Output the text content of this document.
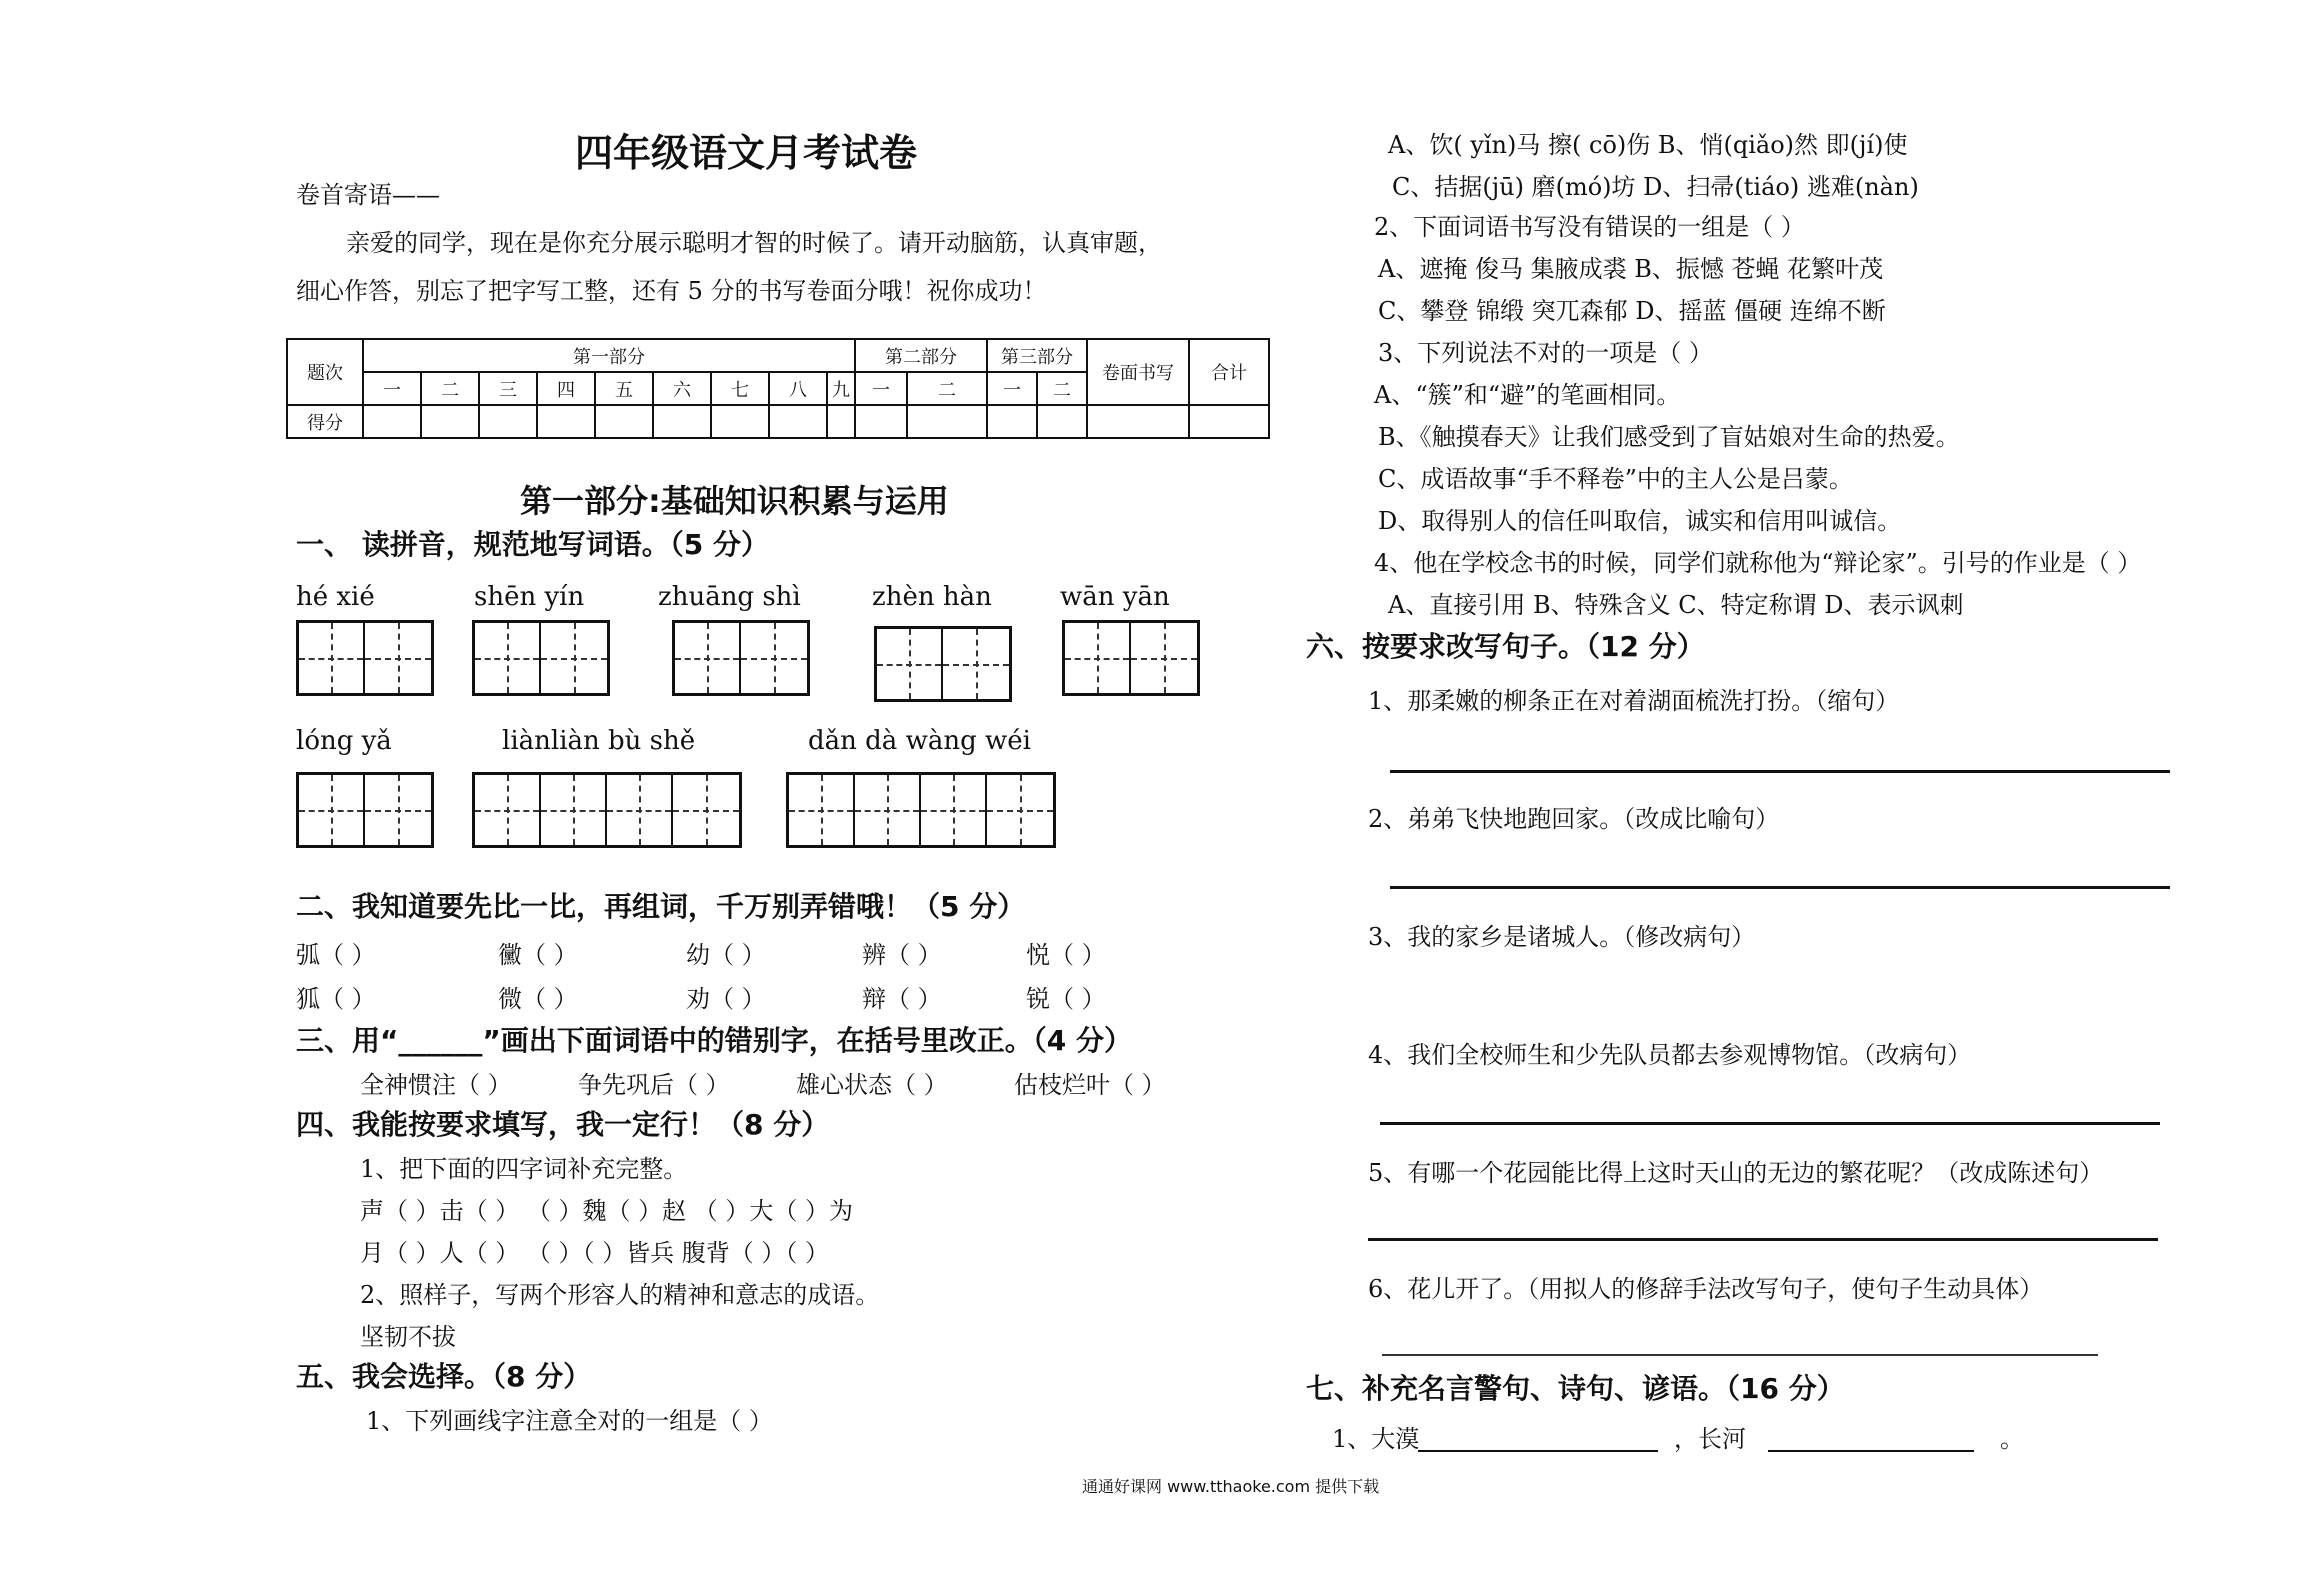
四年级语文月考试卷
卷首寄语——
亲爱的同学，现在是你充分展示聪明才智的时候了。请开动脑筋，认真审题，
细心作答，别忘了把字写工整，还有 5 分的书写卷面分哦！祝你成功！
题次	第一部分									第二部分		第三部分		卷面书写	合计
	一	二	三	四	五	六	七	八	九	一	二	一	二		
得分															
第一部分:基础知识积累与运用
一、 读拼音，规范地写词语。（5 分）
hé xié	shēn yín	zhuāng shì	zhèn hàn	wān yān
lóng yǎ	liànliàn bù shě	dǎn dà wàng wéi
二、我知道要先比一比，再组词，千万别弄错哦！（5 分）
弧（ ）	黴（ ）	幼（ ）	辨（ ）	悦（ ）
狐（ ）	微（ ）	劝（ ）	辩（ ）	锐（ ）
三、用“______”画出下面词语中的错别字，在括号里改正。（4 分）
全神惯注（ ）	争先巩后（ ）	雄心状态（ ）	估枝烂叶（ ）
四、我能按要求填写，我一定行！（8 分）
1、把下面的四字词补充完整。
声（ ）击（ ） （ ）魏（ ）赵 （ ）大（ ）为
月（ ）人（ ） （ ）（ ）皆兵 腹背（ ）（ ）
2、照样子，写两个形容人的精神和意志的成语。
坚韧不拔
五、我会选择。（8 分）
1、下列画线字注意全对的一组是（ ）
A、饮( yǐn)马 擦( cō)伤 B、悄(qiǎo)然 即(jí)使
C、拮据(jū) 磨(mó)坊 D、扫帚(tiáo) 逃难(nàn)
2、下面词语书写没有错误的一组是（ ）
A、遮掩 俊马 集腋成裘 B、振憾 苍蝇 花繁叶茂
C、攀登 锦缎 突兀森郁 D、摇蓝 僵硬 连绵不断
3、下列说法不对的一项是（ ）
A、“簇”和“避”的笔画相同。
B、《触摸春天》让我们感受到了盲姑娘对生命的热爱。
C、成语故事“手不释卷”中的主人公是吕蒙。
D、取得别人的信任叫取信，诚实和信用叫诚信。
4、他在学校念书的时候，同学们就称他为“辩论家”。引号的作业是（ ）
A、直接引用 B、特殊含义 C、特定称谓 D、表示讽刺
六、按要求改写句子。（12 分）
1、那柔嫩的柳条正在对着湖面梳洗打扮。（缩句）
2、弟弟飞快地跑回家。（改成比喻句）
3、我的家乡是诸城人。（修改病句）
4、我们全校师生和少先队员都去参观博物馆。（改病句）
5、有哪一个花园能比得上这时天山的无边的繁花呢？（改成陈述句）
6、花儿开了。（用拟人的修辞手法改写句子，使句子生动具体）
七、补充名言警句、诗句、谚语。（16 分）
1、大漠	，长河	。
通通好课网 www.tthaoke.com 提供下载
